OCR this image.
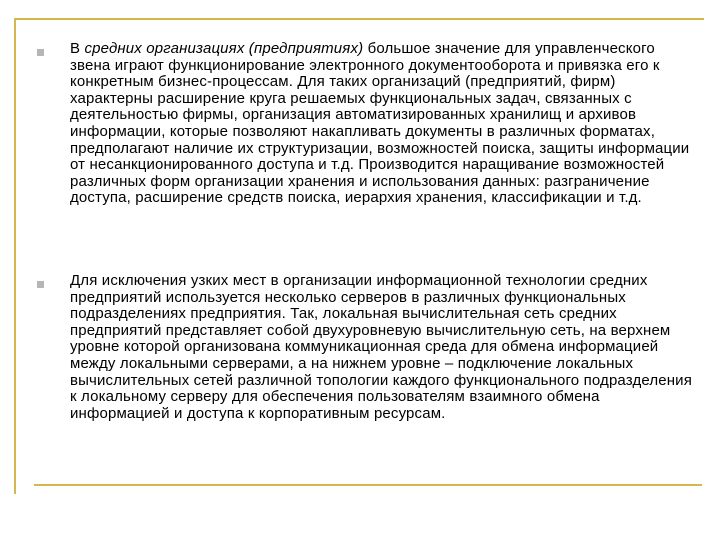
В средних организациях (предприятиях) большое значение для управленческого звена играют функционирование электронного документооборота и привязка его к конкретным бизнес-процессам. Для таких организаций (предприятий, фирм) характерны расширение круга решаемых функциональных задач, связанных с деятельностью фирмы, организация автоматизированных хранилищ и архивов информации, которые позволяют накапливать документы в различных форматах, предполагают наличие их структуризации, возможностей поиска, защиты информации от несанкционированного доступа и т.д. Производится наращивание возможностей различных форм организации хранения и использования данных: разграничение доступа, расширение средств поиска, иерархия хранения, классификации и т.д.

Для исключения узких мест в организации информационной технологии средних предприятий используется несколько серверов в различных функциональных подразделениях предприятия. Так, локальная вычислительная сеть средних предприятий представляет собой двухуровневую вычислительную сеть, на верхнем уровне которой организована коммуникационная среда для обмена информацией между локальными серверами, а на нижнем уровне – подключение локальных вычислительных сетей различной топологии каждого функционального подразделения к локальному серверу для обеспечения пользователям взаимного обмена информацией и доступа к корпоративным ресурсам.
